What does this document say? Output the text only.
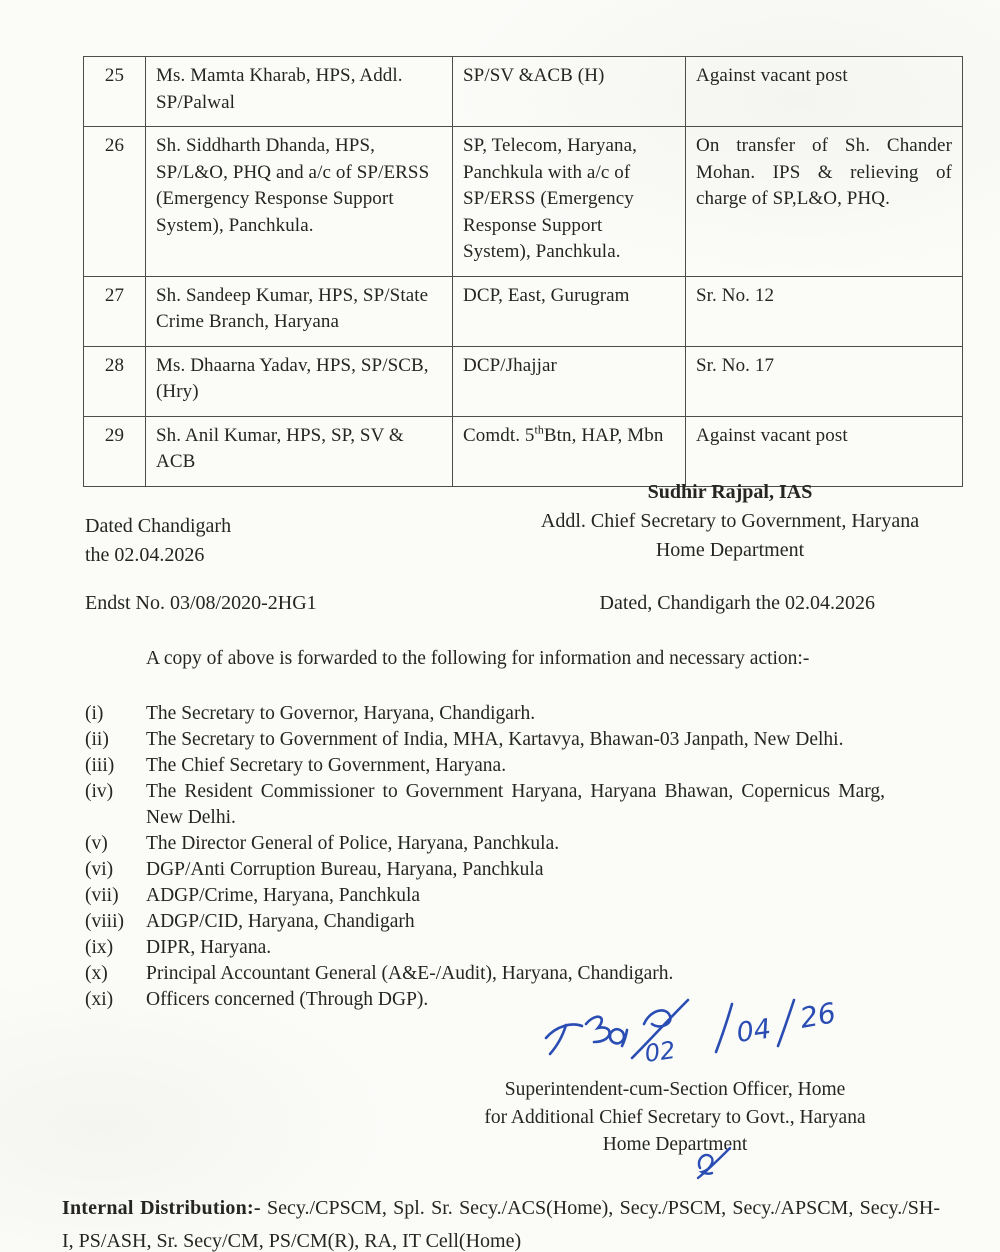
25	Ms. Mamta Kharab, HPS, Addl. SP/Palwal	SP/SV &ACB (H)	Against vacant post
26	Sh. Siddharth Dhanda, HPS, SP/L&O, PHQ and a/c of SP/ERSS (Emergency Response Support System), Panchkula.	SP, Telecom, Haryana, Panchkula with a/c of SP/ERSS (Emergency Response Support System), Panchkula.	On transfer of Sh. Chander Mohan. IPS & relieving of charge of SP,L&O, PHQ.
27	Sh. Sandeep Kumar, HPS, SP/State Crime Branch, Haryana	DCP, East, Gurugram	Sr. No. 12
28	Ms. Dhaarna Yadav, HPS, SP/SCB, (Hry)	DCP/Jhajjar	Sr. No. 17
29	Sh. Anil Kumar, HPS, SP, SV & ACB	Comdt. 5thBtn, HAP, Mbn	Against vacant post
Dated Chandigarh
the 02.04.2026
Sudhir Rajpal, IAS
Addl. Chief Secretary to Government, Haryana
Home Department
Endst No. 03/08/2020-2HG1	Dated, Chandigarh the 02.04.2026
A copy of above is forwarded to the following for information and necessary action:-
(i)	The Secretary to Governor, Haryana, Chandigarh.
(ii)	The Secretary to Government of India, MHA, Kartavya, Bhawan-03 Janpath, New Delhi.
(iii)	The Chief Secretary to Government, Haryana.
(iv)	The Resident Commissioner to Government Haryana, Haryana Bhawan, Copernicus Marg, New Delhi.
(v)	The Director General of Police, Haryana, Panchkula.
(vi)	DGP/Anti Corruption Bureau, Haryana, Panchkula
(vii)	ADGP/Crime, Haryana, Panchkula
(viii)	ADGP/CID, Haryana, Chandigarh
(ix)	DIPR, Haryana.
(x)	Principal Accountant General (A&E-/Audit), Haryana, Chandigarh.
(xi)	Officers concerned (Through DGP).
02
04 26
Superintendent-cum-Section Officer, Home
for Additional Chief Secretary to Govt., Haryana
Home Department

Internal Distribution:- Secy./CPSCM, Spl. Sr. Secy./ACS(Home), Secy./PSCM, Secy./APSCM, Secy./SH-I, PS/ASH, Sr. Secy/CM, PS/CM(R), RA, IT Cell(Home)
